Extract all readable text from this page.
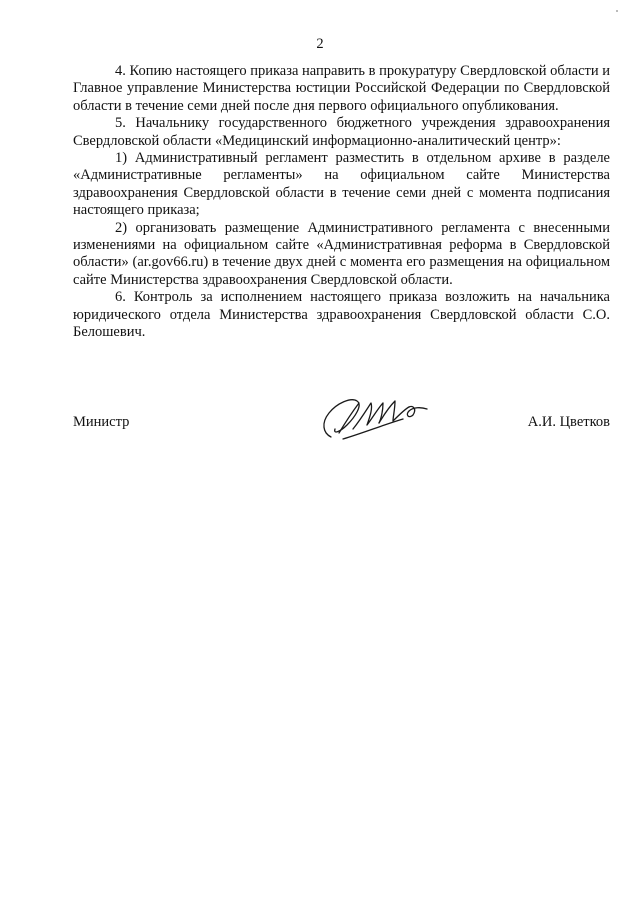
2

4. Копию настоящего приказа направить в прокуратуру Свердловской области и Главное управление Министерства юстиции Российской Федерации по Свердловской области в течение семи дней после дня первого официального опубликования.

5. Начальнику государственного бюджетного учреждения здравоохранения Свердловской области «Медицинский информационно-аналитический центр»:

1) Административный регламент разместить в отдельном архиве в разделе «Административные регламенты» на официальном сайте Министерства здравоохранения Свердловской области в течение семи дней с момента подписания настоящего приказа;

2) организовать размещение Административного регламента с внесенными изменениями на официальном сайте «Административная реформа в Свердловской области» (ar.gov66.ru) в течение двух дней с момента его размещения на официальном сайте Министерства здравоохранения Свердловской области.

6. Контроль за исполнением настоящего приказа возложить на начальника юридического отдела Министерства здравоохранения Свердловской области С.О. Белошевич.

Министр	А.И. Цветков
